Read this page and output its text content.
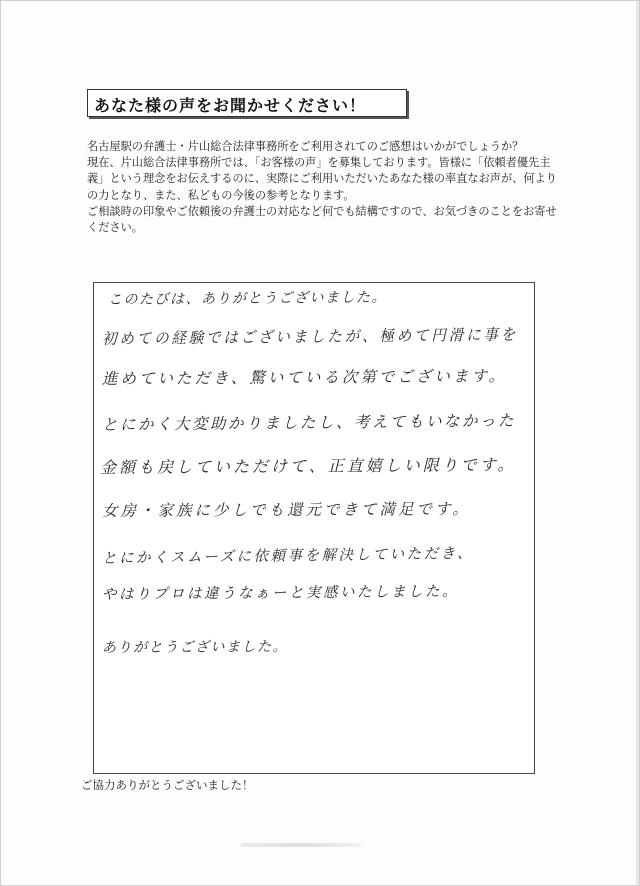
あなた様の声をお聞かせください！

名古屋駅の弁護士・片山総合法律事務所をご利用されてのご感想はいかがでしょうか？

現在、片山総合法律事務所では、「お客様の声」を募集しております。皆様に「依頼者優先主義」という理念をお伝えするのに、実際にご利用いただいたあなた様の率直なお声が、何よりの力となり、また、私どもの今後の参考となります。

ご相談時の印象やご依頼後の弁護士の対応など何でも結構ですので、お気づきのことをお寄せください。

このたびは、ありがとうございました。
初めての経験ではございましたが、極めて円滑に事を
進めていただき、驚いている次第でございます。
とにかく大変助かりましたし、考えてもいなかった
金額も戻していただけて、正直嬉しい限りです。
女房・家族に少しでも還元できて満足です。
とにかくスムーズに依頼事を解決していただき、
やはりプロは違うなぁーと実感いたしました。
ありがとうございました。
ご協力ありがとうございました！
